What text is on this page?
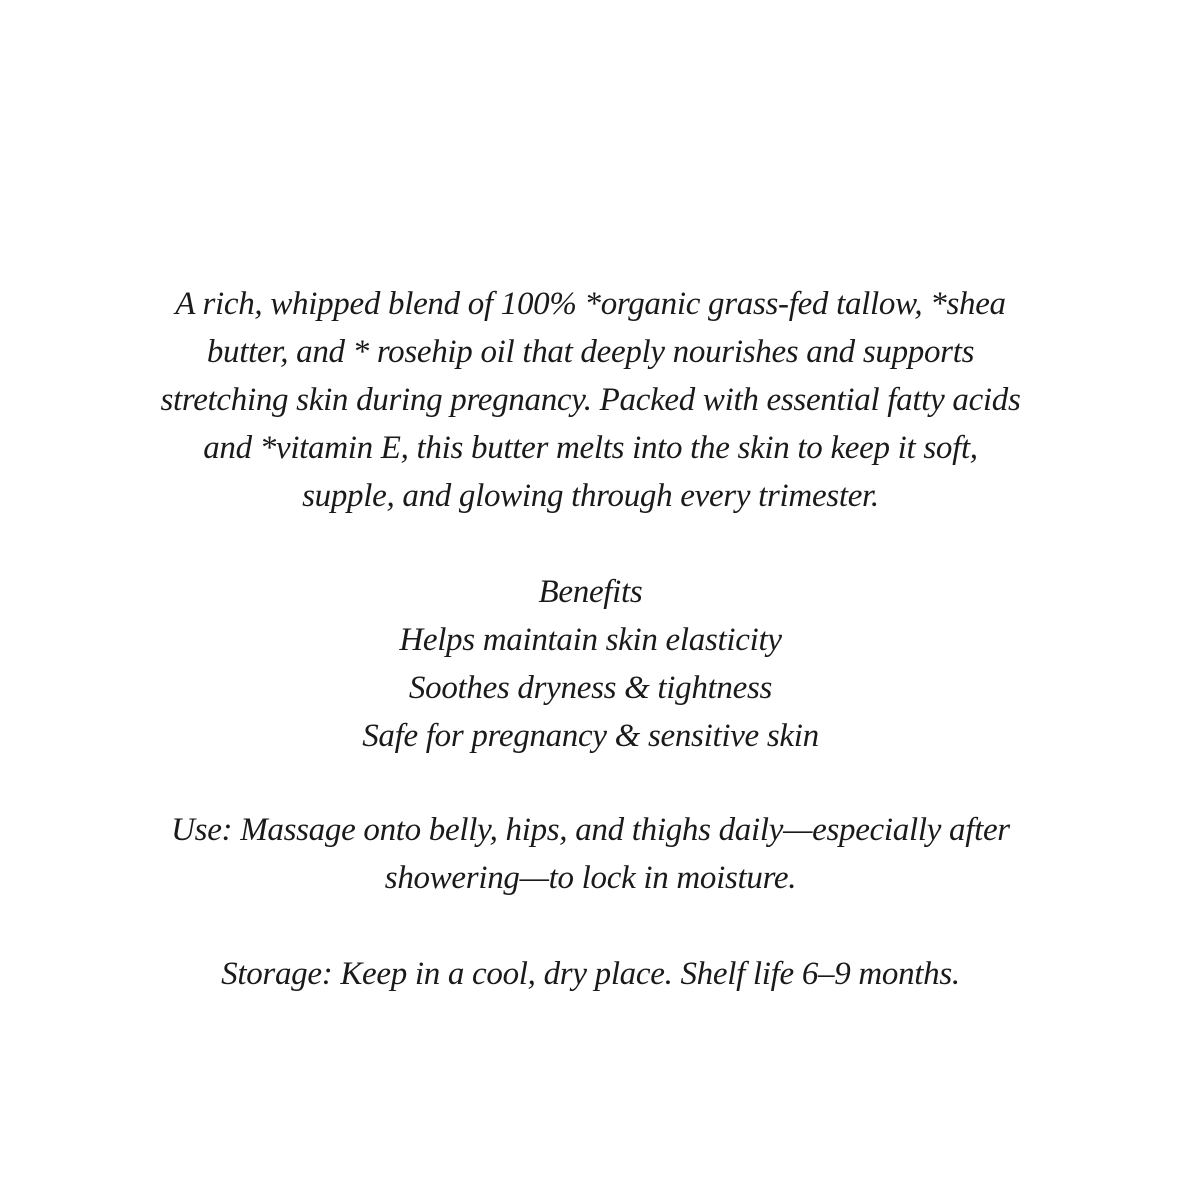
A rich, whipped blend of 100% *organic grass-fed tallow, *shea
butter, and * rosehip oil that deeply nourishes and supports
stretching skin during pregnancy. Packed with essential fatty acids
and *vitamin E, this butter melts into the skin to keep it soft,
supple, and glowing through every trimester.
Benefits
Helps maintain skin elasticity
Soothes dryness & tightness
Safe for pregnancy & sensitive skin
Use: Massage onto belly, hips, and thighs daily—especially after
showering—to lock in moisture.
Storage: Keep in a cool, dry place. Shelf life 6–9 months.
